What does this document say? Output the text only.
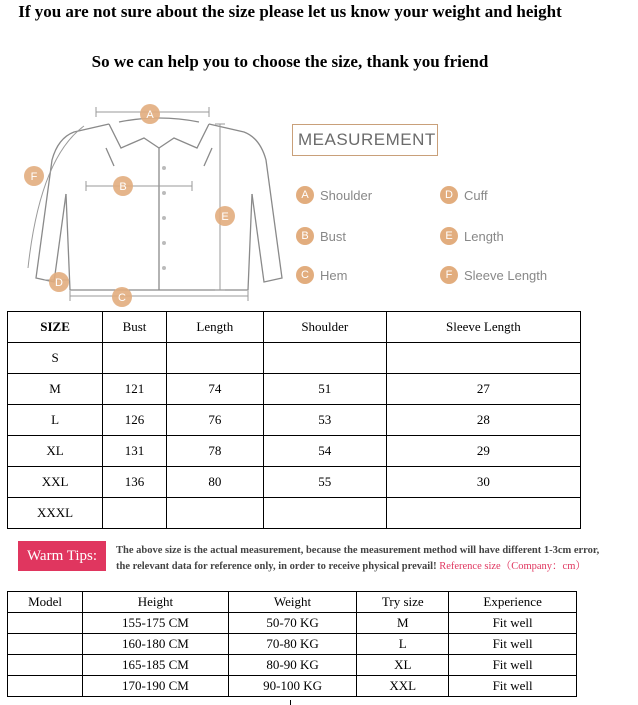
If you are not sure about the size please let us know your weight and height
So we can help you to choose the size, thank you friend
A
B
C
D
E
F
MEASUREMENT
A Shoulder	D Cuff
B Bust	E Length
C Hem	F Sleeve Length
SIZE	Bust	Length	Shoulder	Sleeve Length
S				
M	121	74	51	27
L	126	76	53	28
XL	131	78	54	29
XXL	136	80	55	30
XXXL				
Warm Tips:	The above size is the actual measurement, because the measurement method will have different 1-3cm error,
the relevant data for reference only, in order to receive physical prevail! Reference size（Company：cm）
Model	Height	Weight	Try size	Experience
	155-175 CM	50-70 KG	M	Fit well
	160-180 CM	70-80 KG	L	Fit well
	165-185 CM	80-90 KG	XL	Fit well
	170-190 CM	90-100 KG	XXL	Fit well
